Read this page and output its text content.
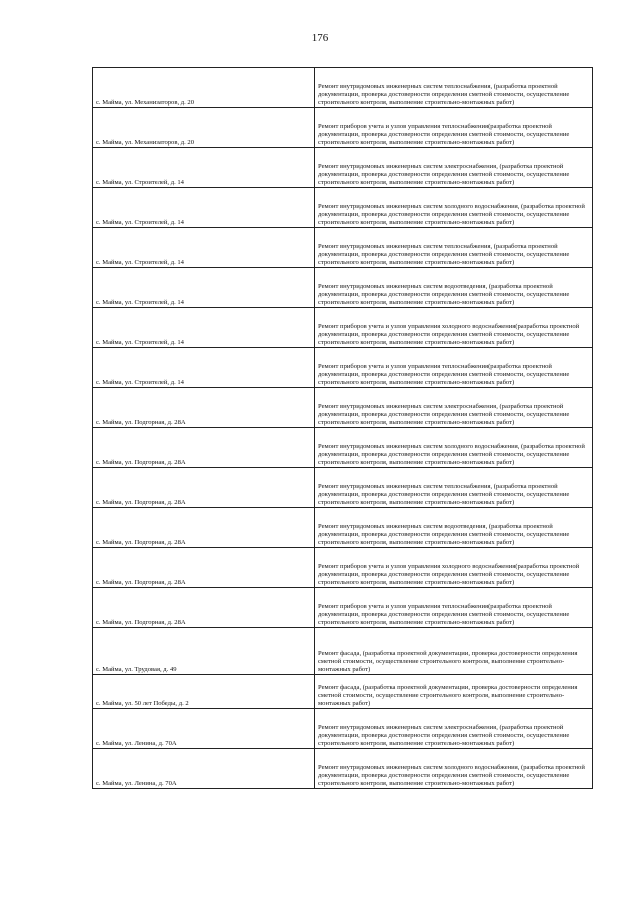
176
с. Майма, ул. Механизаторов, д. 20	Ремонт внутридомовых инженерных систем теплоснабжения, (разработка проектной документации, проверка достоверности определения сметной стоимости, осуществление строительного контроля, выполнение строительно-монтажных работ)
с. Майма, ул. Механизаторов, д. 20	Ремонт приборов учета и узлов управления теплоснабжения(разработка проектной документации, проверка достоверности определения сметной стоимости, осуществление строительного контроля, выполнение строительно-монтажных работ)
с. Майма, ул. Строителей, д. 14	Ремонт внутридомовых инженерных систем электроснабжения, (разработка проектной документации, проверка достоверности определения сметной стоимости, осуществление строительного контроля, выполнение строительно-монтажных работ)
с. Майма, ул. Строителей, д. 14	Ремонт внутридомовых инженерных систем холодного водоснабжения, (разработка проектной документации, проверка достоверности определения сметной стоимости, осуществление строительного контроля, выполнение строительно-монтажных работ)
с. Майма, ул. Строителей, д. 14	Ремонт внутридомовых инженерных систем теплоснабжения, (разработка проектной документации, проверка достоверности определения сметной стоимости, осуществление строительного контроля, выполнение строительно-монтажных работ)
с. Майма, ул. Строителей, д. 14	Ремонт внутридомовых инженерных систем водоотведения, (разработка проектной документации, проверка достоверности определения сметной стоимости, осуществление строительного контроля, выполнение строительно-монтажных работ)
с. Майма, ул. Строителей, д. 14	Ремонт приборов учета и узлов управления холодного водоснабжения(разработка проектной документации, проверка достоверности определения сметной стоимости, осуществление строительного контроля, выполнение строительно-монтажных работ)
с. Майма, ул. Строителей, д. 14	Ремонт приборов учета и узлов управления теплоснабжения(разработка проектной документации, проверка достоверности определения сметной стоимости, осуществление строительного контроля, выполнение строительно-монтажных работ)
с. Майма, ул. Подгорная, д. 28А	Ремонт внутридомовых инженерных систем электроснабжения, (разработка проектной документации, проверка достоверности определения сметной стоимости, осуществление строительного контроля, выполнение строительно-монтажных работ)
с. Майма, ул. Подгорная, д. 28А	Ремонт внутридомовых инженерных систем холодного водоснабжения, (разработка проектной документации, проверка достоверности определения сметной стоимости, осуществление строительного контроля, выполнение строительно-монтажных работ)
с. Майма, ул. Подгорная, д. 28А	Ремонт внутридомовых инженерных систем теплоснабжения, (разработка проектной документации, проверка достоверности определения сметной стоимости, осуществление строительного контроля, выполнение строительно-монтажных работ)
с. Майма, ул. Подгорная, д. 28А	Ремонт внутридомовых инженерных систем водоотведения, (разработка проектной документации, проверка достоверности определения сметной стоимости, осуществление строительного контроля, выполнение строительно-монтажных работ)
с. Майма, ул. Подгорная, д. 28А	Ремонт приборов учета и узлов управления холодного водоснабжения(разработка проектной документации, проверка достоверности определения сметной стоимости, осуществление строительного контроля, выполнение строительно-монтажных работ)
с. Майма, ул. Подгорная, д. 28А	Ремонт приборов учета и узлов управления теплоснабжения(разработка проектной документации, проверка достоверности определения сметной стоимости, осуществление строительного контроля, выполнение строительно-монтажных работ)
с. Майма, ул. Трудовая, д. 49	Ремонт фасада, (разработка проектной документации, проверка достоверности определения сметной стоимости, осуществление строительного контроля, выполнение строительно-монтажных работ)
с. Майма, ул. 50 лет Победы, д. 2	Ремонт фасада, (разработка проектной документации, проверка достоверности определения сметной стоимости, осуществление строительного контроля, выполнение строительно-монтажных работ)
с. Майма, ул. Ленина, д. 70А	Ремонт внутридомовых инженерных систем электроснабжения, (разработка проектной документации, проверка достоверности определения сметной стоимости, осуществление строительного контроля, выполнение строительно-монтажных работ)
с. Майма, ул. Ленина, д. 70А	Ремонт внутридомовых инженерных систем холодного водоснабжения, (разработка проектной документации, проверка достоверности определения сметной стоимости, осуществление строительного контроля, выполнение строительно-монтажных работ)
